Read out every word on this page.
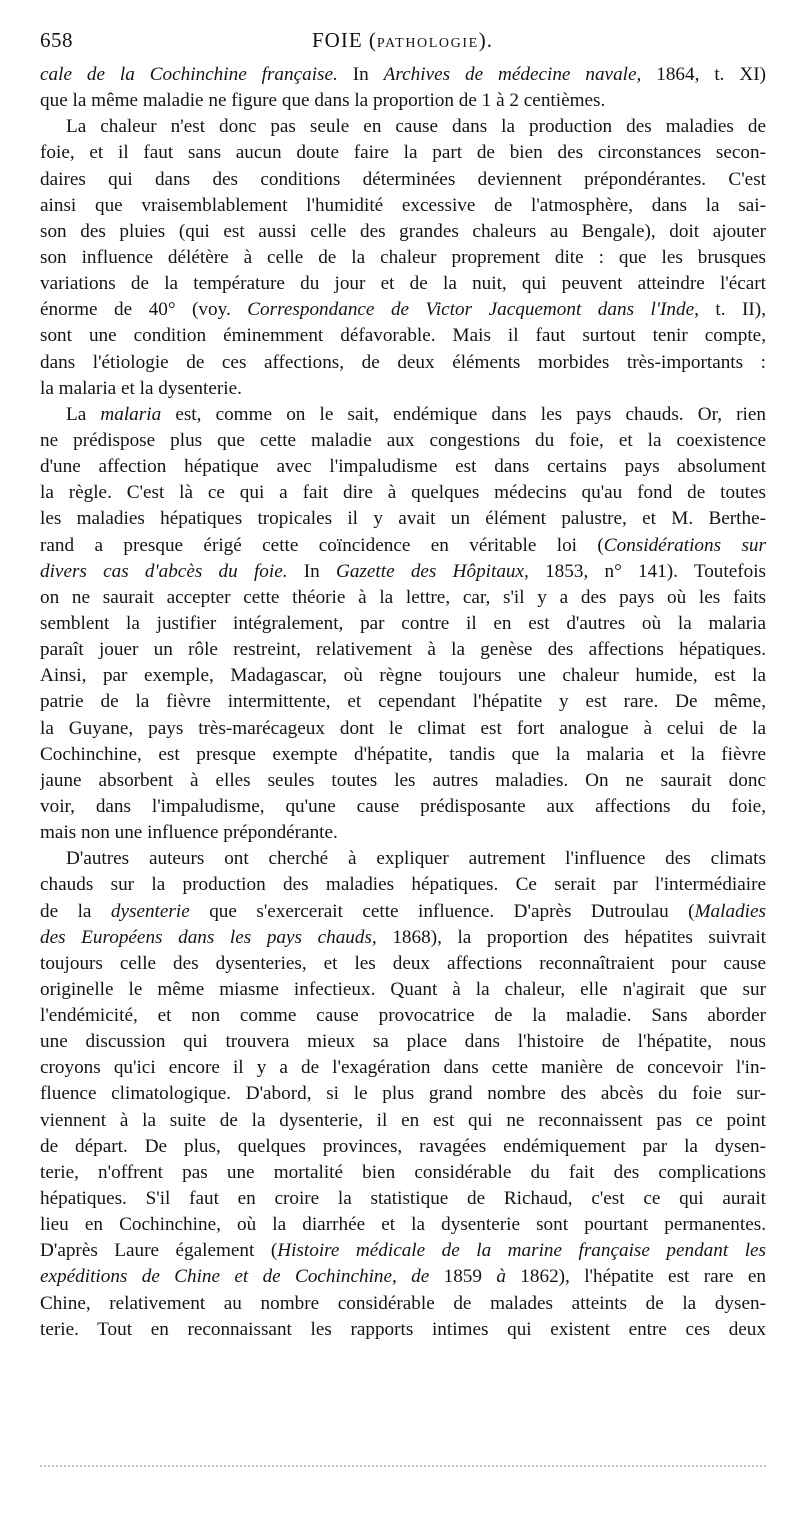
658	FOIE (PATHOLOGIE).
cale de la Cochinchine française. In Archives de médecine navale, 1864, t. XI)
que la même maladie ne figure que dans la proportion de 1 à 2 centièmes.
La chaleur n'est donc pas seule en cause dans la production des maladies de
foie, et il faut sans aucun doute faire la part de bien des circonstances secon-
daires qui dans des conditions déterminées deviennent prépondérantes. C'est
ainsi que vraisemblablement l'humidité excessive de l'atmosphère, dans la sai-
son des pluies (qui est aussi celle des grandes chaleurs au Bengale), doit ajouter
son influence délétère à celle de la chaleur proprement dite : que les brusques
variations de la température du jour et de la nuit, qui peuvent atteindre l'écart
énorme de 40° (voy. Correspondance de Victor Jacquemont dans l'Inde, t. II),
sont une condition éminemment défavorable. Mais il faut surtout tenir compte,
dans l'étiologie de ces affections, de deux éléments morbides très-importants :
la malaria et la dysenterie.
La malaria est, comme on le sait, endémique dans les pays chauds. Or, rien
ne prédispose plus que cette maladie aux congestions du foie, et la coexistence
d'une affection hépatique avec l'impaludisme est dans certains pays absolument
la règle. C'est là ce qui a fait dire à quelques médecins qu'au fond de toutes
les maladies hépatiques tropicales il y avait un élément palustre, et M. Berthe-
rand a presque érigé cette coïncidence en véritable loi (Considérations sur
divers cas d'abcès du foie. In Gazette des Hôpitaux, 1853, n° 141). Toutefois
on ne saurait accepter cette théorie à la lettre, car, s'il y a des pays où les faits
semblent la justifier intégralement, par contre il en est d'autres où la malaria
paraît jouer un rôle restreint, relativement à la genèse des affections hépatiques.
Ainsi, par exemple, Madagascar, où règne toujours une chaleur humide, est la
patrie de la fièvre intermittente, et cependant l'hépatite y est rare. De même,
la Guyane, pays très-marécageux dont le climat est fort analogue à celui de la
Cochinchine, est presque exempte d'hépatite, tandis que la malaria et la fièvre
jaune absorbent à elles seules toutes les autres maladies. On ne saurait donc
voir, dans l'impaludisme, qu'une cause prédisposante aux affections du foie,
mais non une influence prépondérante.
D'autres auteurs ont cherché à expliquer autrement l'influence des climats
chauds sur la production des maladies hépatiques. Ce serait par l'intermédiaire
de la dysenterie que s'exercerait cette influence. D'après Dutroulau (Maladies
des Européens dans les pays chauds, 1868), la proportion des hépatites suivrait
toujours celle des dysenteries, et les deux affections reconnaîtraient pour cause
originelle le même miasme infectieux. Quant à la chaleur, elle n'agirait que sur
l'endémicité, et non comme cause provocatrice de la maladie. Sans aborder
une discussion qui trouvera mieux sa place dans l'histoire de l'hépatite, nous
croyons qu'ici encore il y a de l'exagération dans cette manière de concevoir l'in-
fluence climatologique. D'abord, si le plus grand nombre des abcès du foie sur-
viennent à la suite de la dysenterie, il en est qui ne reconnaissent pas ce point
de départ. De plus, quelques provinces, ravagées endémiquement par la dysen-
terie, n'offrent pas une mortalité bien considérable du fait des complications
hépatiques. S'il faut en croire la statistique de Richaud, c'est ce qui aurait
lieu en Cochinchine, où la diarrhée et la dysenterie sont pourtant permanentes.
D'après Laure également (Histoire médicale de la marine française pendant les
expéditions de Chine et de Cochinchine, de 1859 à 1862), l'hépatite est rare en
Chine, relativement au nombre considérable de malades atteints de la dysen-
terie. Tout en reconnaissant les rapports intimes qui existent entre ces deux
